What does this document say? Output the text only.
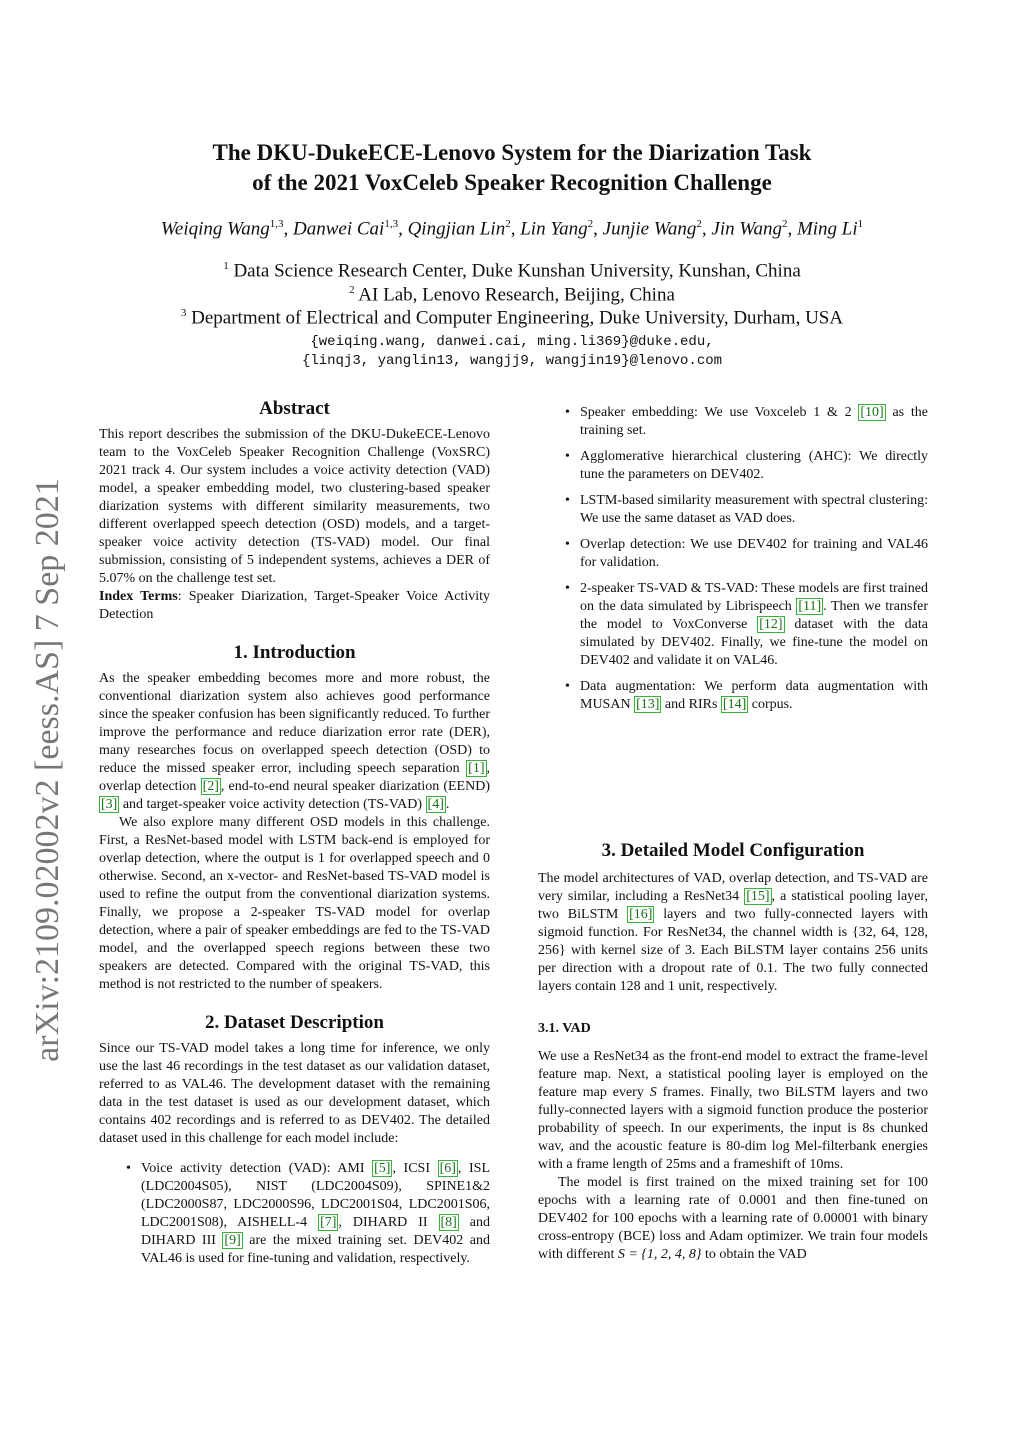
arXiv:2109.02002v2 [eess.AS] 7 Sep 2021
The DKU-DukeECE-Lenovo System for the Diarization Task
of the 2021 VoxCeleb Speaker Recognition Challenge
Weiqing Wang$^{1,3}$, Danwei Cai$^{1,3}$, Qingjian Lin$^2$, Lin Yang$^2$, Junjie Wang$^2$, Jin Wang$^2$, Ming Li$^1$
$^1$ Data Science Research Center, Duke Kunshan University, Kunshan, China
$^2$ AI Lab, Lenovo Research, Beijing, China
$^3$ Department of Electrical and Computer Engineering, Duke University, Durham, USA
{weiqing.wang, danwei.cai, ming.li369}@duke.edu,
{linqj3, yanglin13, wangjj9, wangjin19}@lenovo.com
Abstract

This report describes the submission of the DKU-DukeECE-Lenovo team to the VoxCeleb Speaker Recognition Challenge (VoxSRC) 2021 track 4. Our system includes a voice activity detection (VAD) model, a speaker embedding model, two clustering-based speaker diarization systems with different similarity measurements, two different overlapped speech detection (OSD) models, and a target-speaker voice activity detection (TS-VAD) model. Our final submission, consisting of 5 independent systems, achieves a DER of 5.07% on the challenge test set.

Index Terms: Speaker Diarization, Target-Speaker Voice Activity Detection

1. Introduction

As the speaker embedding becomes more and more robust, the conventional diarization system also achieves good performance since the speaker confusion has been significantly reduced. To further improve the performance and reduce diarization error rate (DER), many researches focus on overlapped speech detection (OSD) to reduce the missed speaker error, including speech separation [1] , overlap detection [2] , end-to-end neural speaker diarization (EEND) [3] and target-speaker voice activity detection (TS-VAD) [4] .

We also explore many different OSD models in this challenge. First, a ResNet-based model with LSTM back-end is employed for overlap detection, where the output is 1 for overlapped speech and 0 otherwise. Second, an x-vector- and ResNet-based TS-VAD model is used to refine the output from the conventional diarization systems. Finally, we propose a 2-speaker TS-VAD model for overlap detection, where a pair of speaker embeddings are fed to the TS-VAD model, and the overlapped speech regions between these two speakers are detected. Compared with the original TS-VAD, this method is not restricted to the number of speakers.

2. Dataset Description

Since our TS-VAD model takes a long time for inference, we only use the last 46 recordings in the test dataset as our validation dataset, referred to as VAL46. The development dataset with the remaining data in the test dataset is used as our development dataset, which contains 402 recordings and is referred to as DEV402. The detailed dataset used in this challenge for each model include:

• Voice activity detection (VAD): AMI [5] , ICSI [6] , ISL (LDC2004S05), NIST (LDC2004S09), SPINE1&2 (LDC2000S87, LDC2000S96, LDC2001S04, LDC2001S06, LDC2001S08), AISHELL-4 [7] , DIHARD II [8] and DIHARD III [9] are the mixed training set. DEV402 and VAL46 is used for fine-tuning and validation, respectively.
• Speaker embedding: We use Voxceleb 1 & 2 [10] as the training set.
• Agglomerative hierarchical clustering (AHC): We directly tune the parameters on DEV402.
• LSTM-based similarity measurement with spectral clustering: We use the same dataset as VAD does.
• Overlap detection: We use DEV402 for training and VAL46 for validation.
• 2-speaker TS-VAD & TS-VAD: These models are first trained on the data simulated by Librispeech [11] . Then we transfer the model to VoxConverse [12] dataset with the data simulated by DEV402. Finally, we fine-tune the model on DEV402 and validate it on VAL46.
• Data augmentation: We perform data augmentation with MUSAN [13] and RIRs [14] corpus.
3. Detailed Model Configuration

The model architectures of VAD, overlap detection, and TS-VAD are very similar, including a ResNet34 [15] , a statistical pooling layer, two BiLSTM [16] layers and two fully-connected layers with sigmoid function. For ResNet34, the channel width is {32, 64, 128, 256} with kernel size of 3. Each BiLSTM layer contains 256 units per direction with a dropout rate of 0.1. The two fully connected layers contain 128 and 1 unit, respectively.

3.1. VAD

We use a ResNet34 as the front-end model to extract the frame-level feature map. Next, a statistical pooling layer is employed on the feature map every S frames. Finally, two BiLSTM layers and two fully-connected layers with a sigmoid function produce the posterior probability of speech. In our experiments, the input is 8s chunked wav, and the acoustic feature is 80-dim log Mel-filterbank energies with a frame length of 25ms and a frameshift of 10ms.

The model is first trained on the mixed training set for 100 epochs with a learning rate of 0.0001 and then fine-tuned on DEV402 for 100 epochs with a learning rate of 0.00001 with binary cross-entropy (BCE) loss and Adam optimizer. We train four models with different S = {1, 2, 4, 8} to obtain the VAD
